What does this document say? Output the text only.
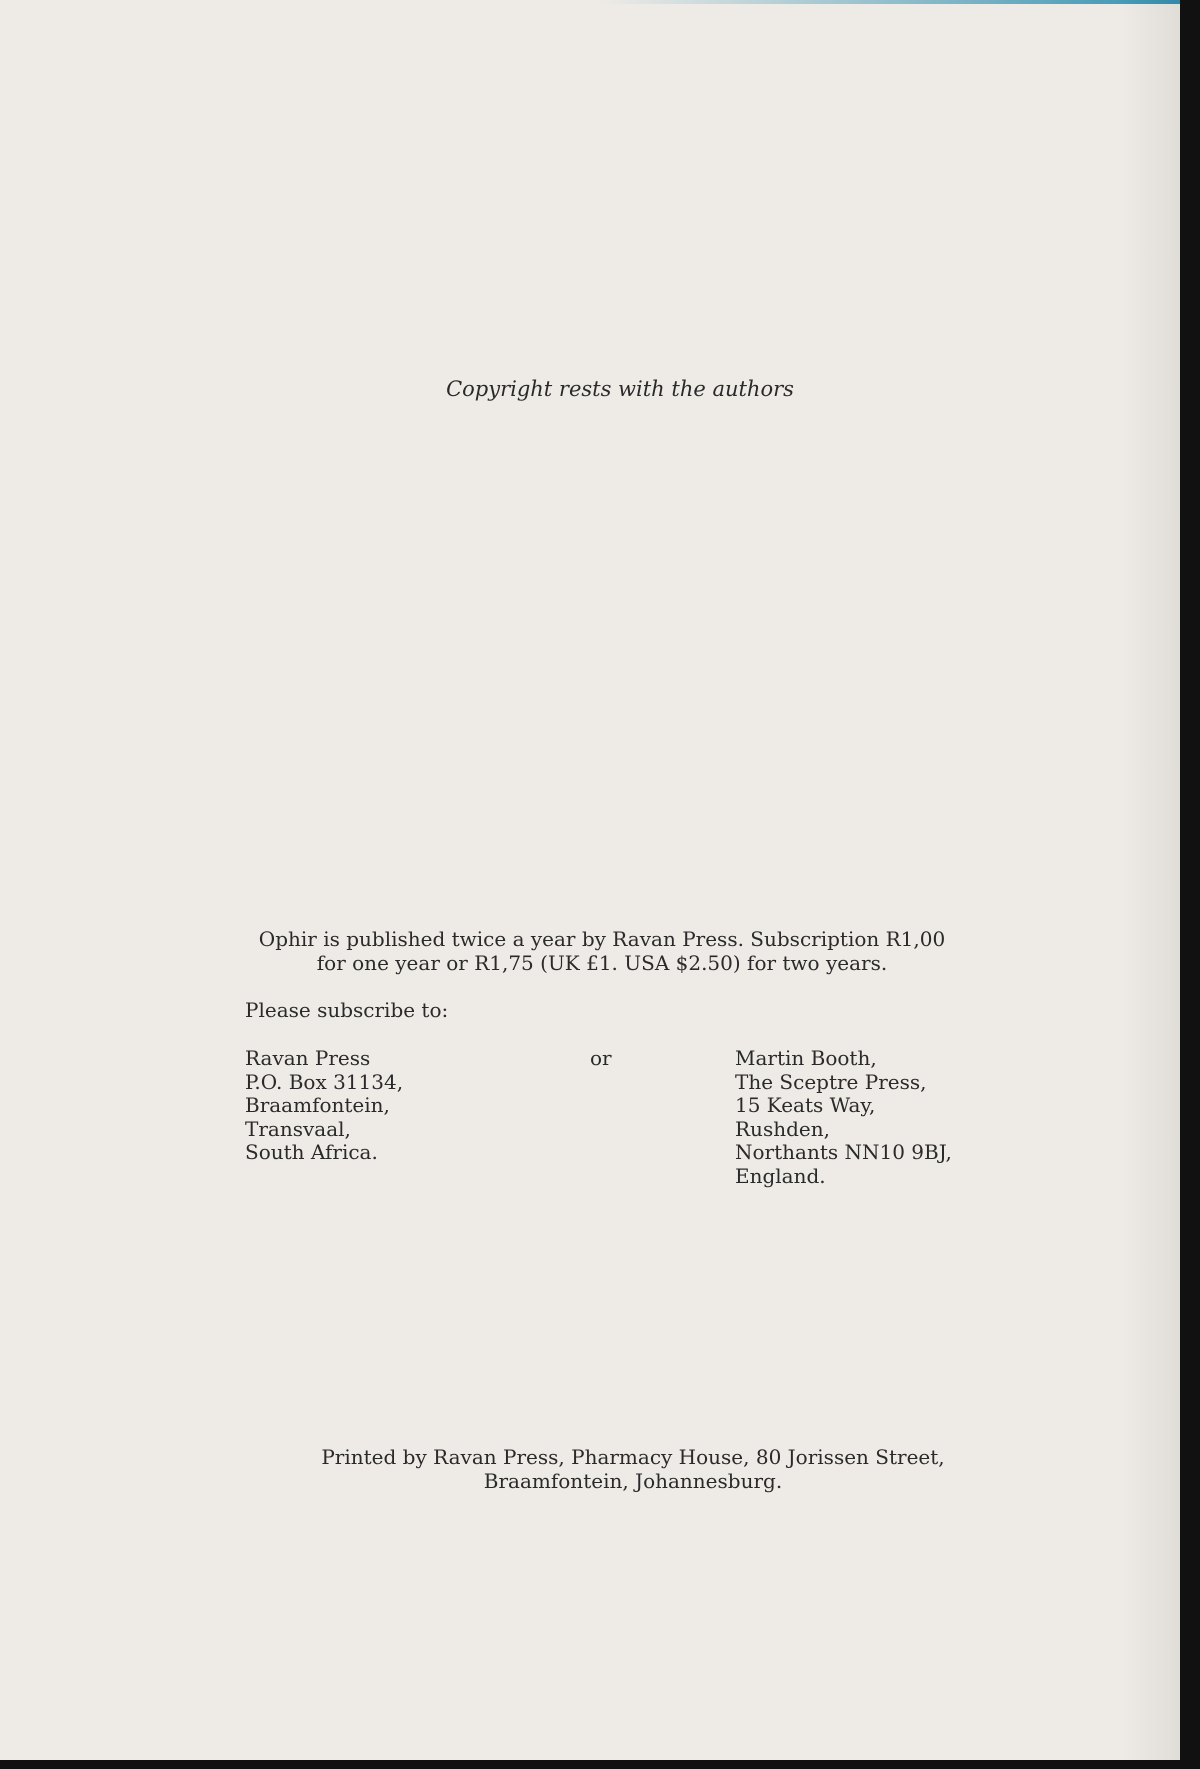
Copyright rests with the authors

Ophir is published twice a year by Ravan Press. Subscription R1,00
for one year or R1,75 (UK £1. USA $2.50) for two years.

Please subscribe to:

Ravan Press
P.O. Box 31134,
Braamfontein,
Transvaal,
South Africa.

or	Martin Booth,
The Sceptre Press,
15 Keats Way,
Rushden,
Northants NN10 9BJ,
England.
Printed by Ravan Press, Pharmacy House, 80 Jorissen Street,
Braamfontein, Johannesburg.
